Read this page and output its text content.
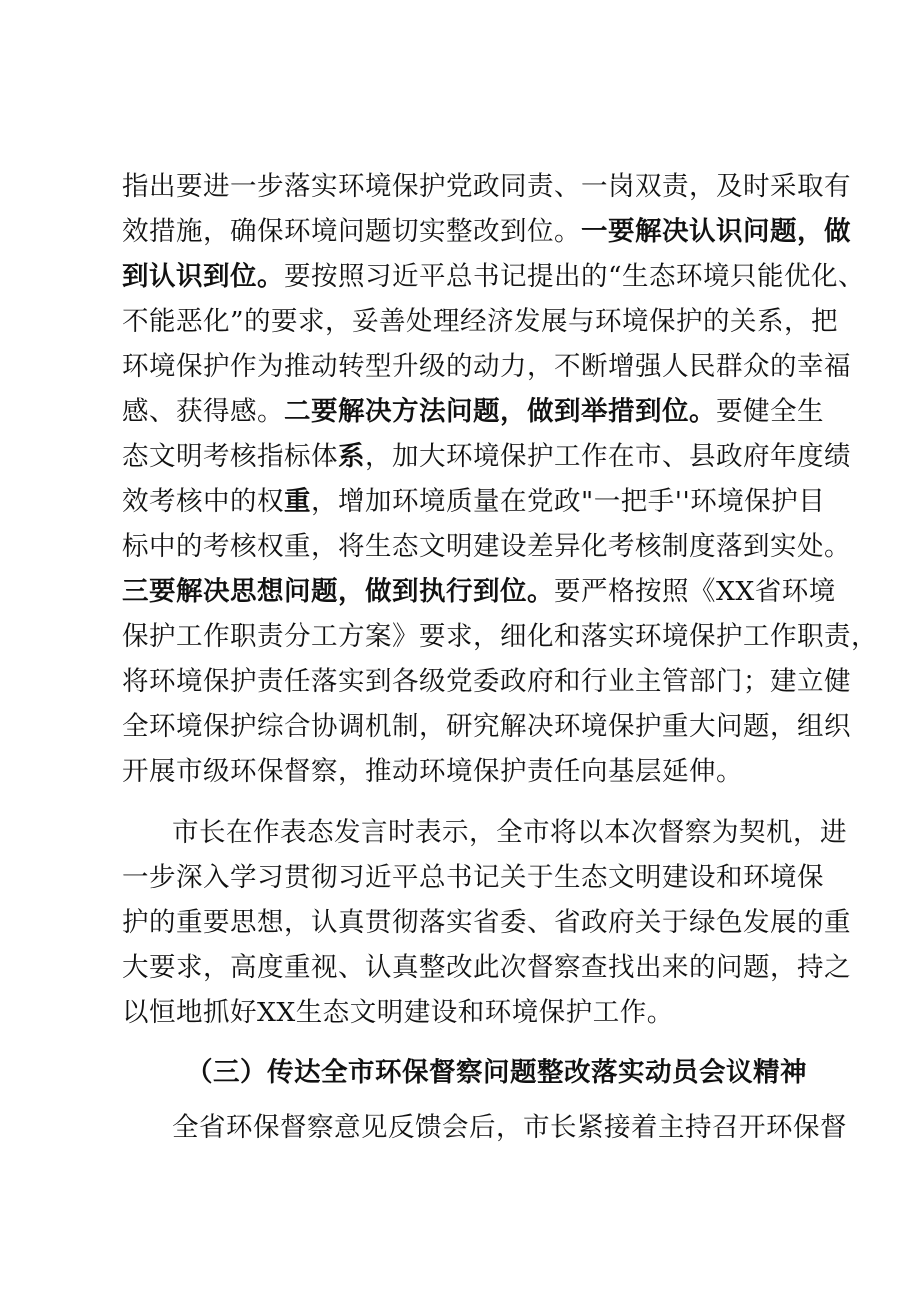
指出要进一步落实环境保护党政同责、一岗双责，及时采取有
效措施，确保环境问题切实整改到位。一要解决认识问题，做
到认识到位。要按照习近平总书记提出的“生态环境只能优化、
不能恶化”的要求，妥善处理经济发展与环境保护的关系，把
环境保护作为推动转型升级的动力，不断增强人民群众的幸福
感、获得感。二要解决方法问题，做到举措到位。要健全生
态文明考核指标体系，加大环境保护工作在市、县政府年度绩
效考核中的权重，增加环境质量在党政"一把手''环境保护目
标中的考核权重，将生态文明建设差异化考核制度落到实处。
三要解决思想问题，做到执行到位。要严格按照《XX省环境
保护工作职责分工方案》要求，细化和落实环境保护工作职责，
将环境保护责任落实到各级党委政府和行业主管部门；建立健
全环境保护综合协调机制，研究解决环境保护重大问题，组织
开展市级环保督察，推动环境保护责任向基层延伸。
市长在作表态发言时表示，全市将以本次督察为契机，进
一步深入学习贯彻习近平总书记关于生态文明建设和环境保
护的重要思想，认真贯彻落实省委、省政府关于绿色发展的重
大要求，高度重视、认真整改此次督察查找出来的问题，持之
以恒地抓好XX生态文明建设和环境保护工作。
（三）传达全市环保督察问题整改落实动员会议精神
全省环保督察意见反馈会后，市长紧接着主持召开环保督
